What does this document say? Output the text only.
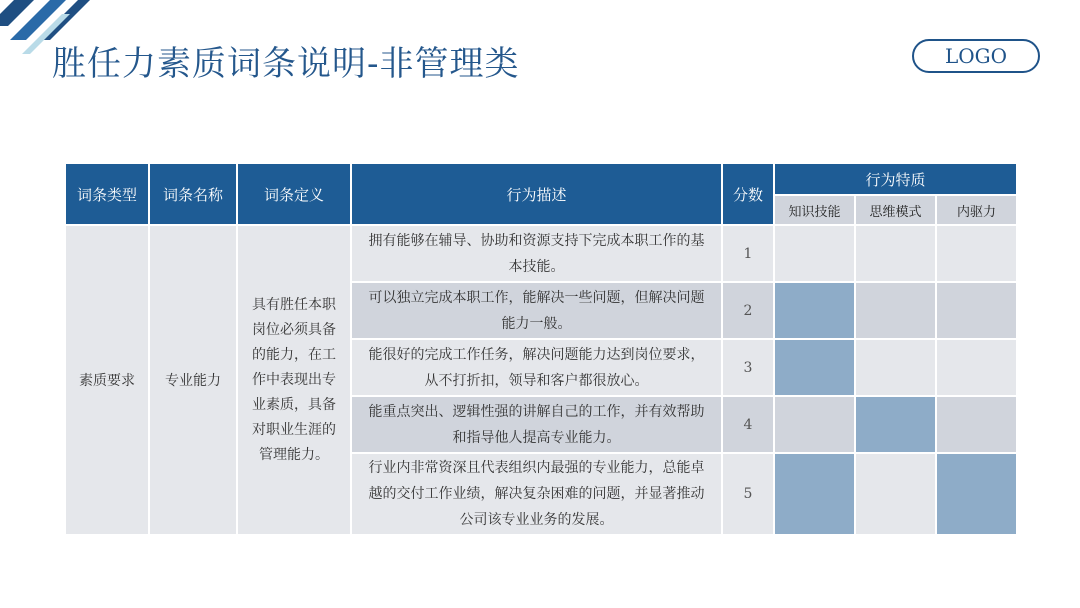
胜任力素质词条说明-非管理类	LOGO
词条类型	词条名称	词条定义	行为描述	分数	行为特质		
					知识技能	思维模式	内驱力
素质要求	专业能力	具有胜任本职岗位必须具备的能力，在工作中表现出专业素质，具备对职业生涯的管理能力。	拥有能够在辅导、协助和资源支持下完成本职工作的基本技能。	1			
			可以独立完成本职工作，能解决一些问题，但解决问题能力一般。	2			
			能很好的完成工作任务，解决问题能力达到岗位要求，从不打折扣，领导和客户都很放心。	3			
			能重点突出、逻辑性强的讲解自己的工作，并有效帮助和指导他人提高专业能力。	4			
			行业内非常资深且代表组织内最强的专业能力，总能卓越的交付工作业绩，解决复杂困难的问题，并显著推动公司该专业业务的发展。	5			
